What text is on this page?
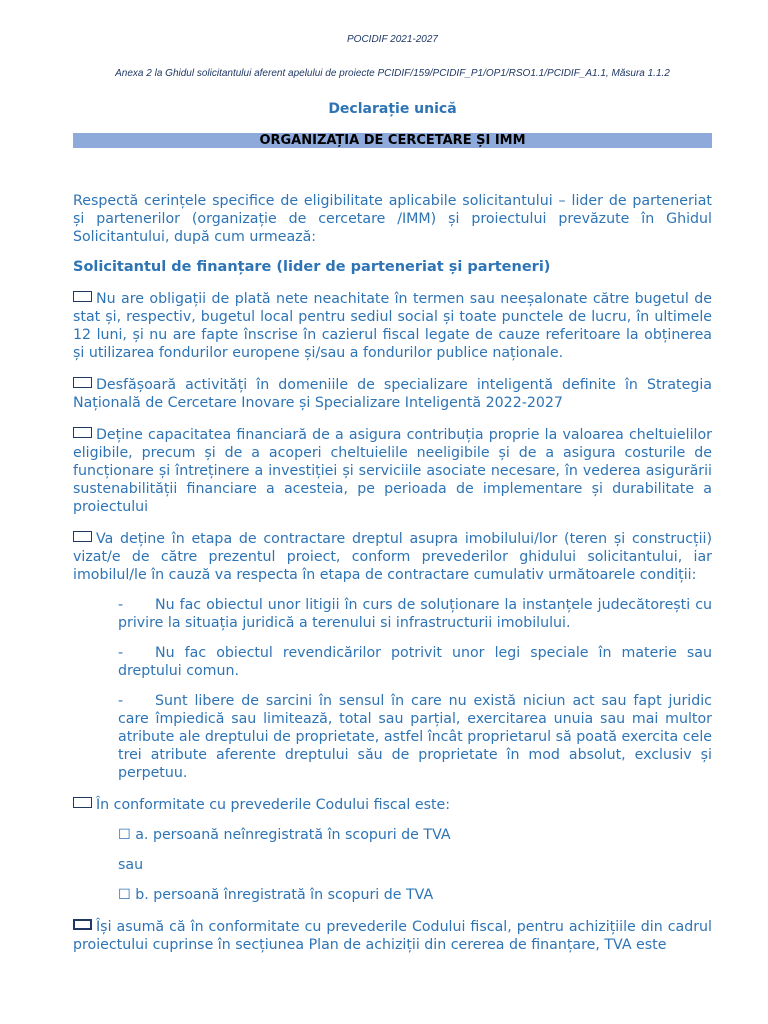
POCIDIF 2021-2027
Anexa 2 la Ghidul solicitantului aferent apelului de proiecte PCIDIF/159/PCIDIF_P1/OP1/RSO1.1/PCIDIF_A1.1, Măsura 1.1.2
Declarație unică
ORGANIZAȚIA DE CERCETARE ȘI IMM
Respectă cerințele specifice de eligibilitate aplicabile solicitantului – lider de parteneriat și partenerilor (organizație de cercetare /IMM) și proiectului prevăzute în Ghidul Solicitantului, după cum urmează:
Solicitantul de finanțare (lider de parteneriat și parteneri)
Nu are obligații de plată nete neachitate în termen sau neeșalonate către bugetul de stat și, respectiv, bugetul local pentru sediul social și toate punctele de lucru, în ultimele 12 luni, și nu are fapte înscrise în cazierul fiscal legate de cauze referitoare la obținerea și utilizarea fondurilor europene și/sau a fondurilor publice naționale.
Desfășoară activități în domeniile de specializare inteligentă definite în Strategia Națională de Cercetare Inovare și Specializare Inteligentă 2022-2027
Deține capacitatea financiară de a asigura contribuția proprie la valoarea cheltuielilor eligibile, precum și de a acoperi cheltuielile neeligibile și de a asigura costurile de funcționare și întreținere a investiției și serviciile asociate necesare, în vederea asigurării sustenabilității financiare a acesteia, pe perioada de implementare și durabilitate a proiectului
Va deține în etapa de contractare dreptul asupra imobilului/lor (teren și construcții) vizat/e de către prezentul proiect, conform prevederilor ghidului solicitantului, iar imobilul/le în cauză va respecta în etapa de contractare cumulativ următoarele condiții:
- Nu fac obiectul unor litigii în curs de soluționare la instanțele judecătorești cu privire la situația juridică a terenului si infrastructurii imobilului.
- Nu fac obiectul revendicărilor potrivit unor legi speciale în materie sau dreptului comun.
- Sunt libere de sarcini în sensul în care nu există niciun act sau fapt juridic care împiedică sau limitează, total sau parțial, exercitarea unuia sau mai multor atribute ale dreptului de proprietate, astfel încât proprietarul să poată exercita cele trei atribute aferente dreptului său de proprietate în mod absolut, exclusiv și perpetuu.
În conformitate cu prevederile Codului fiscal este:
☐ a. persoană neînregistrată în scopuri de TVA
sau
☐ b. persoană înregistrată în scopuri de TVA
Își asumă că în conformitate cu prevederile Codului fiscal, pentru achizițiile din cadrul proiectului cuprinse în secțiunea Plan de achiziții din cererea de finanțare, TVA este
